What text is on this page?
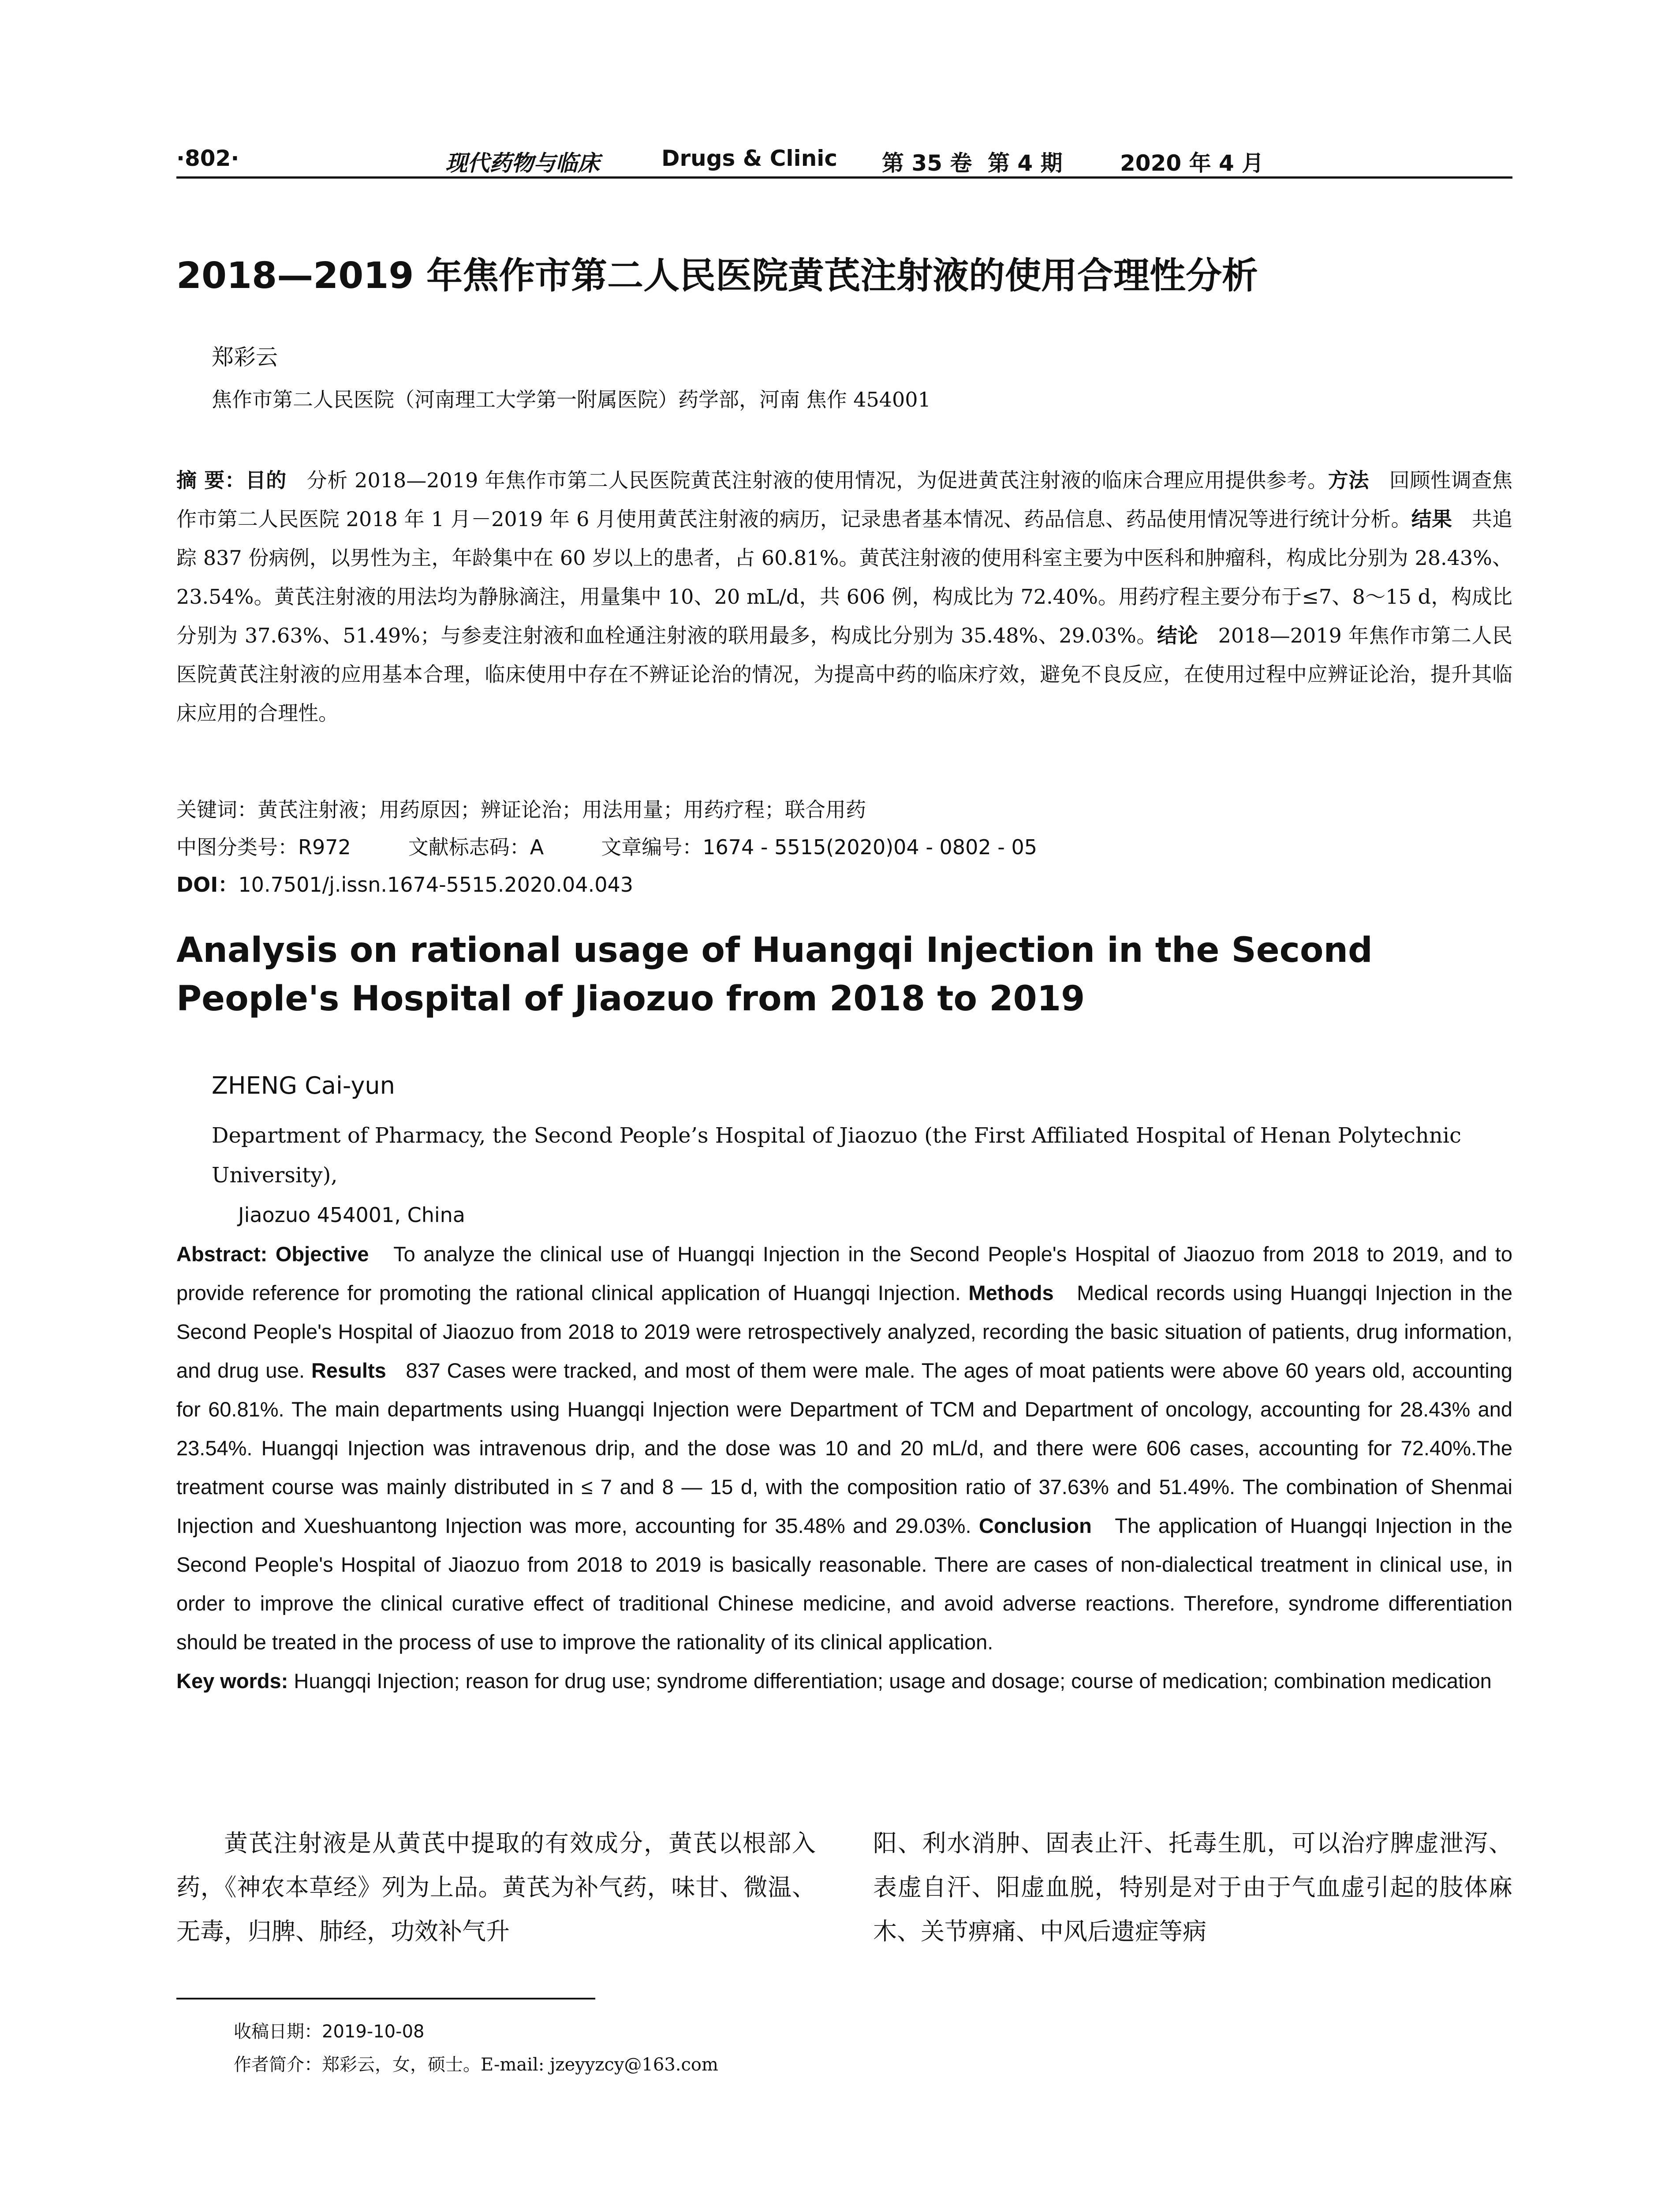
·802·	现代药物与临床	Drugs & Clinic 第 35 卷 第 4 期	2020 年 4 月
2018—2019 年焦作市第二人民医院黄芪注射液的使用合理性分析
郑彩云
焦作市第二人民医院（河南理工大学第一附属医院）药学部，河南 焦作 454001
摘 要：目的 分析 2018—2019 年焦作市第二人民医院黄芪注射液的使用情况，为促进黄芪注射液的临床合理应用提供参考。方法 回顾性调查焦作市第二人民医院 2018 年 1 月－2019 年 6 月使用黄芪注射液的病历，记录患者基本情况、药品信息、药品使用情况等进行统计分析。结果 共追踪 837 份病例，以男性为主，年龄集中在 60 岁以上的患者，占 60.81%。黄芪注射液的使用科室主要为中医科和肿瘤科，构成比分别为 28.43%、23.54%。黄芪注射液的用法均为静脉滴注，用量集中 10、20 mL/d，共 606 例，构成比为 72.40%。用药疗程主要分布于≤7、8～15 d，构成比分别为 37.63%、51.49%；与参麦注射液和血栓通注射液的联用最多，构成比分别为 35.48%、29.03%。结论 2018—2019 年焦作市第二人民医院黄芪注射液的应用基本合理，临床使用中存在不辨证论治的情况，为提高中药的临床疗效，避免不良反应，在使用过程中应辨证论治，提升其临床应用的合理性。
关键词：黄芪注射液；用药原因；辨证论治；用法用量；用药疗程；联合用药
中图分类号：R972	文献标志码：A	文章编号：1674 - 5515(2020)04 - 0802 - 05
DOI：10.7501/j.issn.1674-5515.2020.04.043
Analysis on rational usage of Huangqi Injection in the Second People's Hospital of Jiaozuo from 2018 to 2019
ZHENG Cai-yun
Department of Pharmacy, the Second People’s Hospital of Jiaozuo (the First Affiliated Hospital of Henan Polytechnic University),
Jiaozuo 454001, China
Abstract: Objective To analyze the clinical use of Huangqi Injection in the Second People's Hospital of Jiaozuo from 2018 to 2019, and to provide reference for promoting the rational clinical application of Huangqi Injection. Methods Medical records using Huangqi Injection in the Second People's Hospital of Jiaozuo from 2018 to 2019 were retrospectively analyzed, recording the basic situation of patients, drug information, and drug use. Results 837 Cases were tracked, and most of them were male. The ages of moat patients were above 60 years old, accounting for 60.81%. The main departments using Huangqi Injection were Department of TCM and Department of oncology, accounting for 28.43% and 23.54%. Huangqi Injection was intravenous drip, and the dose was 10 and 20 mL/d, and there were 606 cases, accounting for 72.40%.The treatment course was mainly distributed in ≤ 7 and 8 — 15 d, with the composition ratio of 37.63% and 51.49%. The combination of Shenmai Injection and Xueshuantong Injection was more, accounting for 35.48% and 29.03%. Conclusion The application of Huangqi Injection in the Second People's Hospital of Jiaozuo from 2018 to 2019 is basically reasonable. There are cases of non-dialectical treatment in clinical use, in order to improve the clinical curative effect of traditional Chinese medicine, and avoid adverse reactions. Therefore, syndrome differentiation should be treated in the process of use to improve the rationality of its clinical application.
Key words: Huangqi Injection; reason for drug use; syndrome differentiation; usage and dosage; course of medication; combination medication

黄芪注射液是从黄芪中提取的有效成分，黄芪以根部入药，《神农本草经》列为上品。黄芪为补气药，味甘、微温、无毒，归脾、肺经，功效补气升

阳、利水消肿、固表止汗、托毒生肌，可以治疗脾虚泄泻、表虚自汗、阳虚血脱，特别是对于由于气血虚引起的肢体麻木、关节痹痛、中风后遗症等病

收稿日期：2019-10-08
作者简介：郑彩云，女，硕士。E-mail: jzeyyzcy@163.com
